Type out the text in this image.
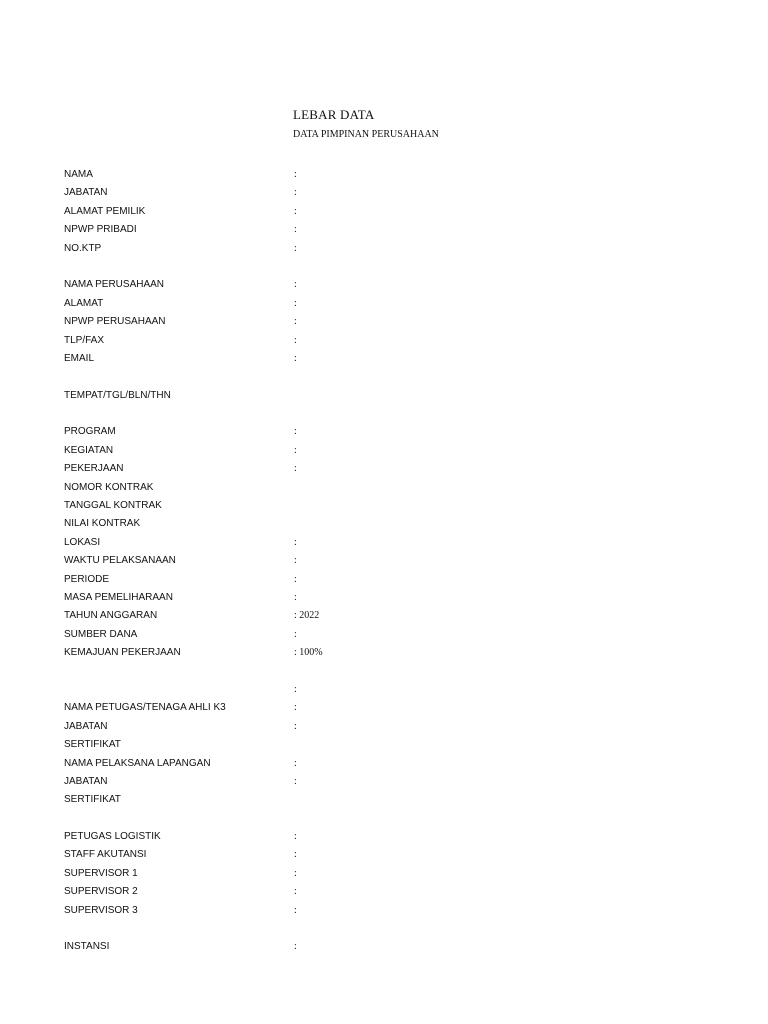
LEBAR DATA
DATA PIMPINAN PERUSAHAAN
NAMA	:
JABATAN	:
ALAMAT PEMILIK	:
NPWP PRIBADI	:
NO.KTP	:
NAMA PERUSAHAAN	:
ALAMAT	:
NPWP PERUSAHAAN	:
TLP/FAX	:
EMAIL	:
TEMPAT/TGL/BLN/THN
PROGRAM	:
KEGIATAN	:
PEKERJAAN	:
NOMOR KONTRAK
TANGGAL KONTRAK
NILAI KONTRAK
LOKASI	:
WAKTU PELAKSANAAN	:
PERIODE	:
MASA PEMELIHARAAN	:
TAHUN ANGGARAN	: 2022
SUMBER DANA	:
KEMAJUAN PEKERJAAN	: 100%
:
NAMA PETUGAS/TENAGA AHLI K3	:
JABATAN	:
SERTIFIKAT
NAMA PELAKSANA LAPANGAN	:
JABATAN	:
SERTIFIKAT
PETUGAS LOGISTIK	:
STAFF AKUTANSI	:
SUPERVISOR 1	:
SUPERVISOR 2	:
SUPERVISOR 3	:
INSTANSI	:
